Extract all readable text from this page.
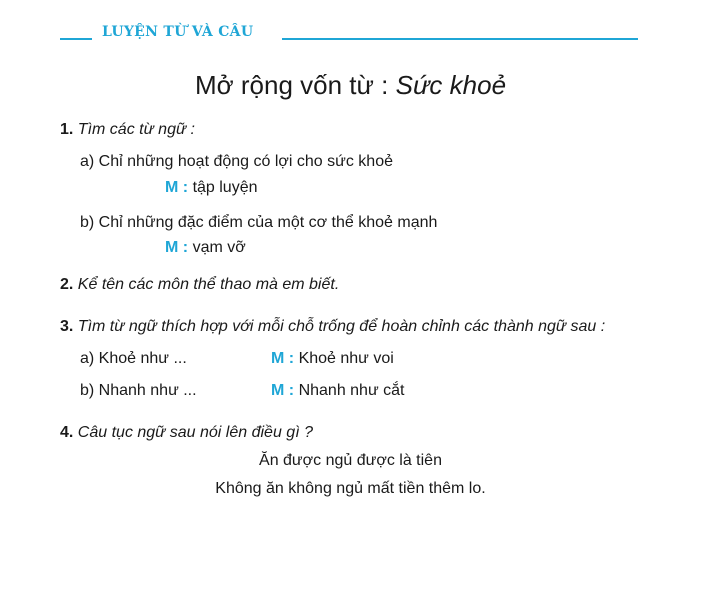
LUYỆN TỪ VÀ CÂU
Mở rộng vốn từ : Sức khoẻ
1. Tìm các từ ngữ :
a) Chỉ những hoạt động có lợi cho sức khoẻ
M : tập luyện
b) Chỉ những đặc điểm của một cơ thể khoẻ mạnh
M : vạm vỡ
2. Kể tên các môn thể thao mà em biết.
3. Tìm từ ngữ thích hợp với mỗi chỗ trống để hoàn chỉnh các thành ngữ sau :
a) Khoẻ như ...	M : Khoẻ như voi
b) Nhanh như ...	M : Nhanh như cắt
4. Câu tục ngữ sau nói lên điều gì ?
Ăn được ngủ được là tiên
Không ăn không ngủ mất tiền thêm lo.
